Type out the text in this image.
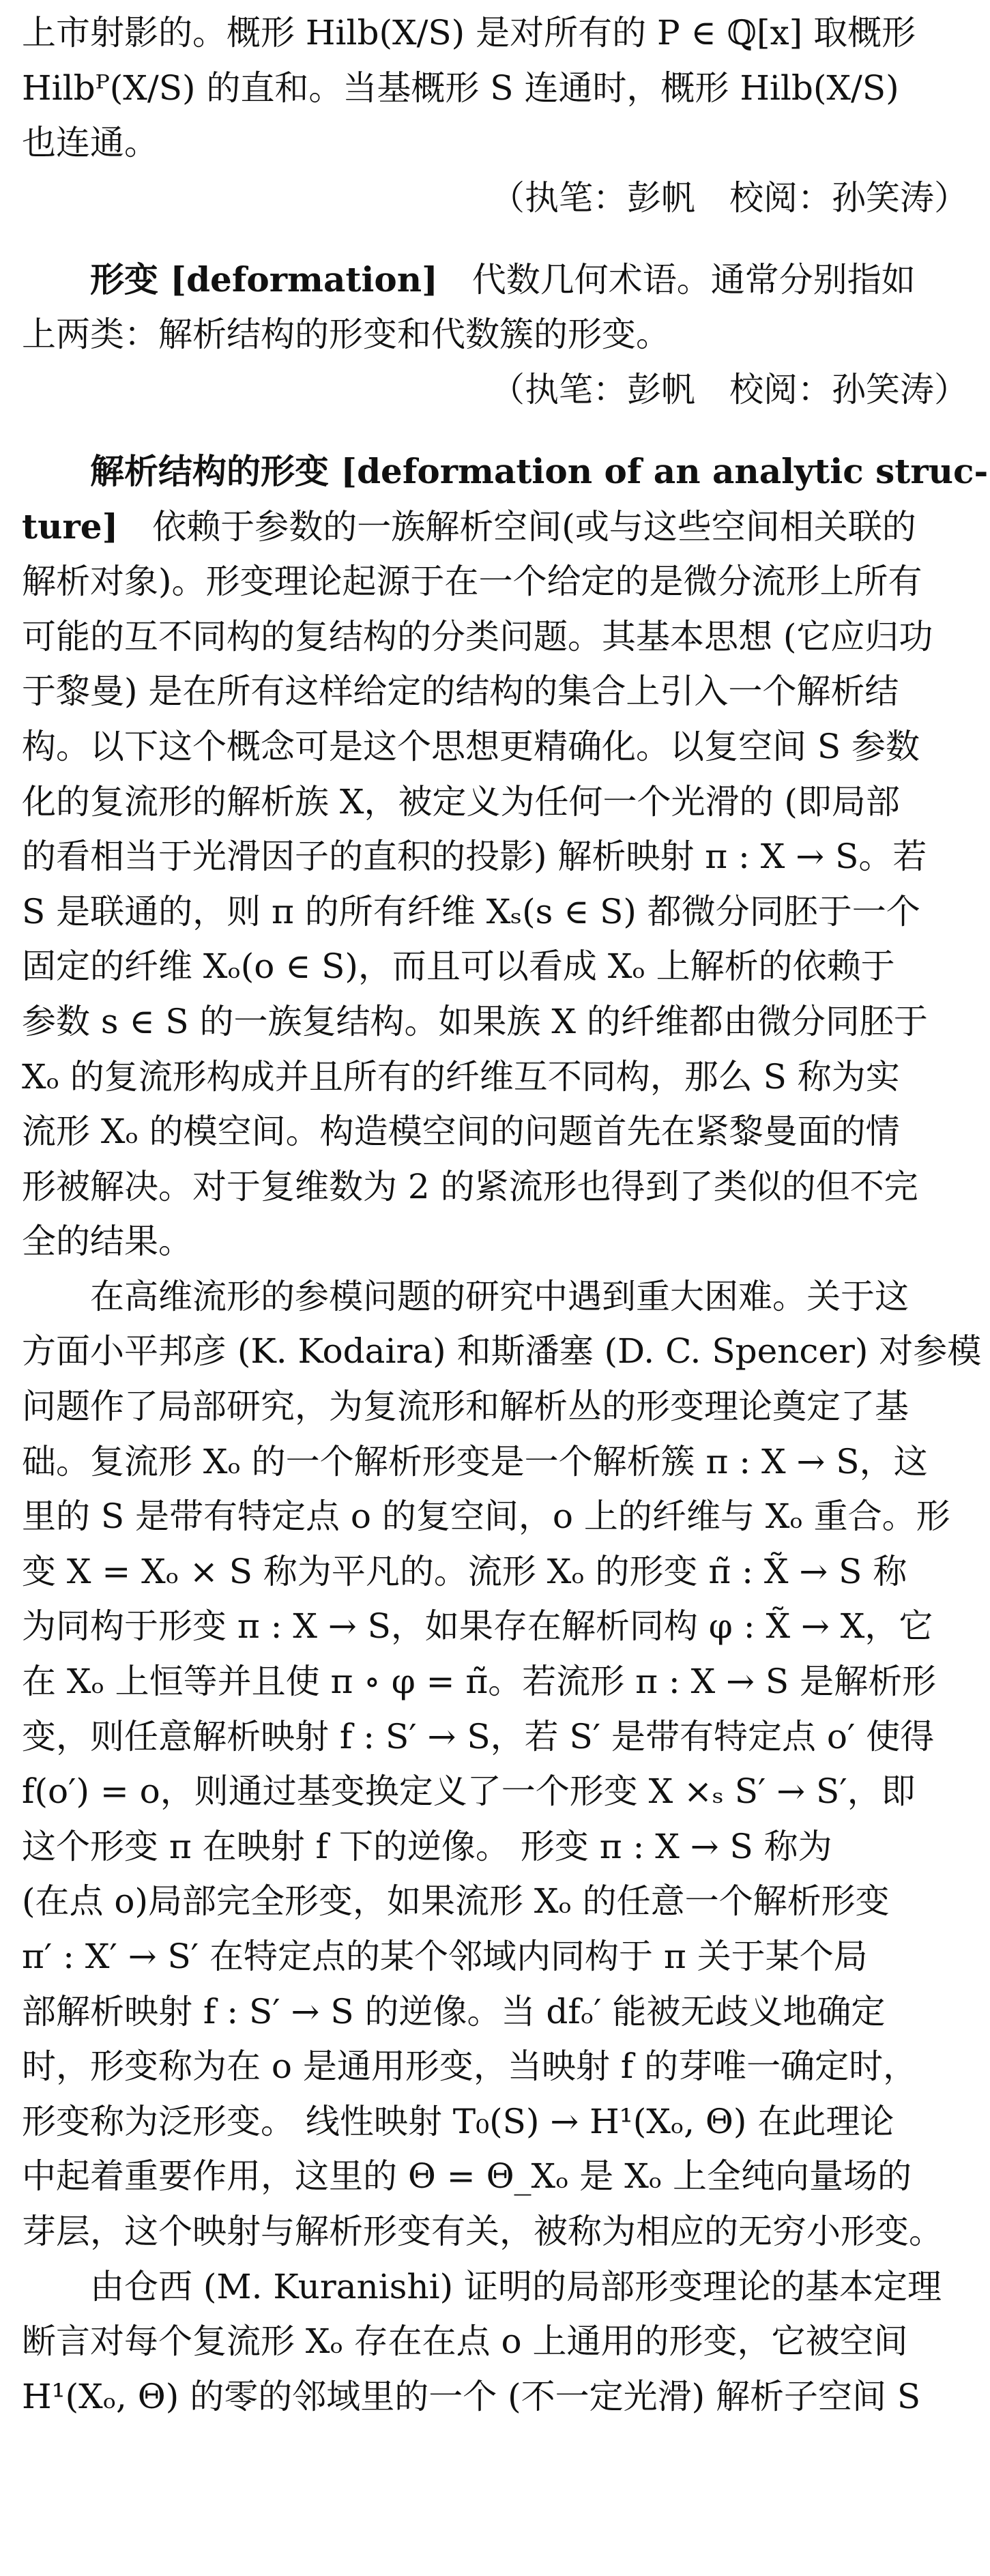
上市射影的。概形 Hilb(X/S) 是对所有的 P ∈ ℚ[x] 取概形
Hilbᴾ(X/S) 的直和。当基概形 S 连通时，概形 Hilb(X/S)
也连通。
（执笔：彭帆　校阅：孙笑涛）
形变 [deformation]　代数几何术语。通常分别指如
上两类：解析结构的形变和代数簇的形变。
（执笔：彭帆　校阅：孙笑涛）
解析结构的形变 [deformation of an analytic struc-
ture]　依赖于参数的一族解析空间(或与这些空间相关联的
解析对象)。形变理论起源于在一个给定的是微分流形上所有
可能的互不同构的复结构的分类问题。其基本思想 (它应归功
于黎曼) 是在所有这样给定的结构的集合上引入一个解析结
构。以下这个概念可是这个思想更精确化。以复空间 S 参数
化的复流形的解析族 X，被定义为任何一个光滑的 (即局部
的看相当于光滑因子的直积的投影) 解析映射 π : X → S。若
S 是联通的，则 π 的所有纤维 Xₛ(s ∈ S) 都微分同胚于一个
固定的纤维 Xₒ(o ∈ S)，而且可以看成 Xₒ 上解析的依赖于
参数 s ∈ S 的一族复结构。如果族 X 的纤维都由微分同胚于
Xₒ 的复流形构成并且所有的纤维互不同构，那么 S 称为实
流形 Xₒ 的模空间。构造模空间的问题首先在紧黎曼面的情
形被解决。对于复维数为 2 的紧流形也得到了类似的但不完
全的结果。
在高维流形的参模问题的研究中遇到重大困难。关于这
方面小平邦彦 (K. Kodaira) 和斯潘塞 (D. C. Spencer) 对参模
问题作了局部研究，为复流形和解析丛的形变理论奠定了基
础。复流形 Xₒ 的一个解析形变是一个解析簇 π : X → S，这
里的 S 是带有特定点 o 的复空间，o 上的纤维与 Xₒ 重合。形
变 X = Xₒ × S 称为平凡的。流形 Xₒ 的形变 π̃ : X̃ → S 称
为同构于形变 π : X → S，如果存在解析同构 φ : X̃ → X，它
在 Xₒ 上恒等并且使 π ∘ φ = π̃。若流形 π : X → S 是解析形
变，则任意解析映射 f : S′ → S，若 S′ 是带有特定点 o′ 使得
f(o′) = o，则通过基变换定义了一个形变 X ×ₛ S′ → S′，即
这个形变 π 在映射 f 下的逆像。 形变 π : X → S 称为
(在点 o)局部完全形变，如果流形 Xₒ 的任意一个解析形变
π′ : X′ → S′ 在特定点的某个邻域内同构于 π 关于某个局
部解析映射 f : S′ → S 的逆像。当 dfₒ′ 能被无歧义地确定
时，形变称为在 o 是通用形变，当映射 f 的芽唯一确定时，
形变称为泛形变。 线性映射 T₀(S) → H¹(Xₒ, Θ) 在此理论
中起着重要作用，这里的 Θ = Θ_Xₒ 是 Xₒ 上全纯向量场的
芽层，这个映射与解析形变有关，被称为相应的无穷小形变。
由仓西 (M. Kuranishi) 证明的局部形变理论的基本定理
断言对每个复流形 Xₒ 存在在点 o 上通用的形变，它被空间
H¹(Xₒ, Θ) 的零的邻域里的一个 (不一定光滑) 解析子空间 S
